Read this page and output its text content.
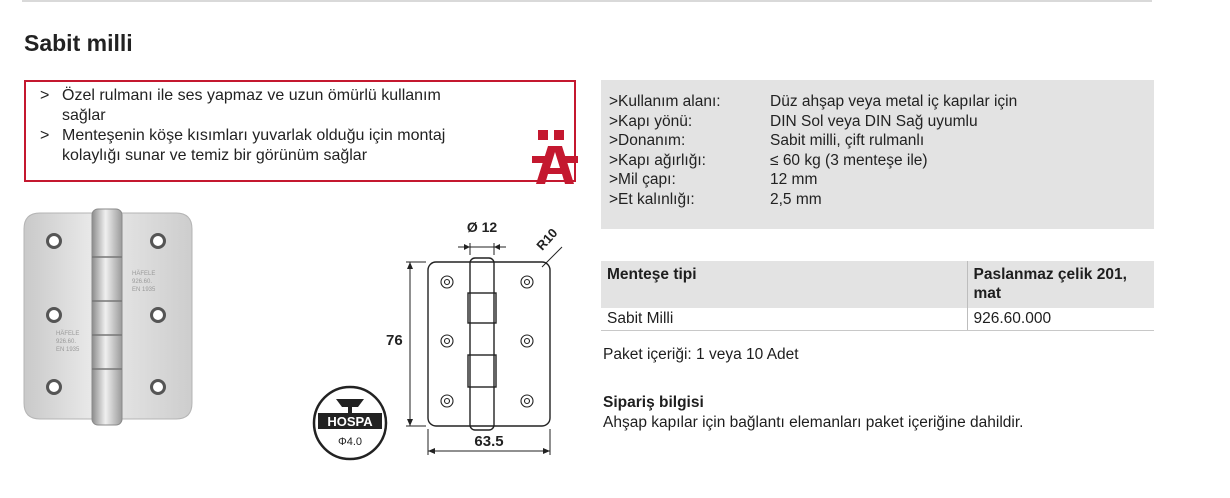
Sabit milli
> Özel rulmanı ile ses yapmaz ve uzun ömürlü kullanım
sağlar
> Menteşenin köşe kısımları yuvarlak olduğu için montaj
kolaylığı sunar ve temiz bir görünüm sağlar
HÄFELE
926.60.
EN 1935
HÄFELE
926.60.
EN 1935
HOSPA
Φ4.0
Ø 12	R10
76
63.5
>Kullanım alanı:	Düz ahşap veya metal iç kapılar için
>Kapı yönü:	DIN Sol veya DIN Sağ uyumlu
>Donanım:	Sabit milli, çift rulmanlı
>Kapı ağırlığı:	≤ 60 kg (3 menteşe ile)
>Mil çapı:	12 mm
>Et kalınlığı:	2,5 mm
Menteşe tipi	Paslanmaz çelik 201,
mat
Sabit Milli	926.60.000
Paket içeriği: 1 veya 10 Adet
Sipariş bilgisi
Ahşap kapılar için bağlantı elemanları paket içeriğine dahildir.
